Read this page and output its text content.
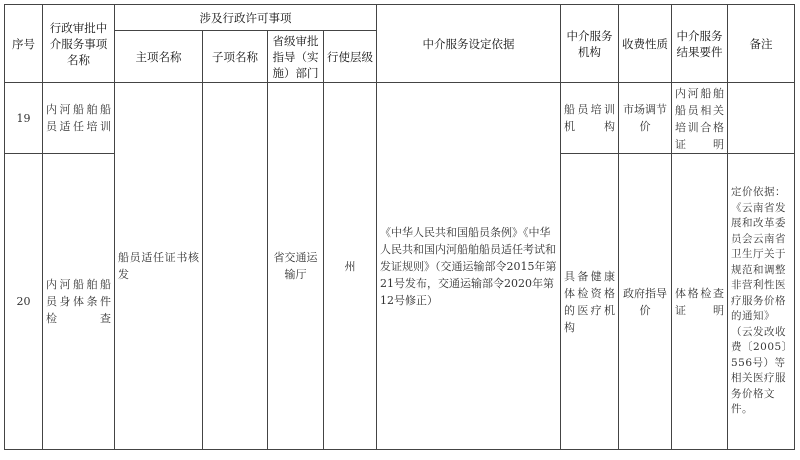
序号	行政审批中介服务事项名称	涉及行政许可事项				中介服务设定依据	中介服务机构	收费性质	中介服务结果要件	备注
		主项名称	子项名称	省级审批指导（实施）部门	行使层级					
19	内河船舶船员适任培训	船员适任证书核发		省交通运输厅	州	《中华人民共和国船员条例》《中华人民共和国内河船舶船员适任考试和发证规则》（交通运输部令2015年第21号发布，交通运输部令2020年第12号修正）	船员培训机构	市场调节价	内河船舶船员相关培训合格证明	
20	内河船舶船员身体条件检查						具备健康体检资格的医疗机构	政府指导价	体格检查证明	定价依据：《云南省发展和改革委员会云南省卫生厅关于规范和调整非营利性医疗服务价格的通知》（云发改收费〔2005〕556号）等相关医疗服务价格文件。
